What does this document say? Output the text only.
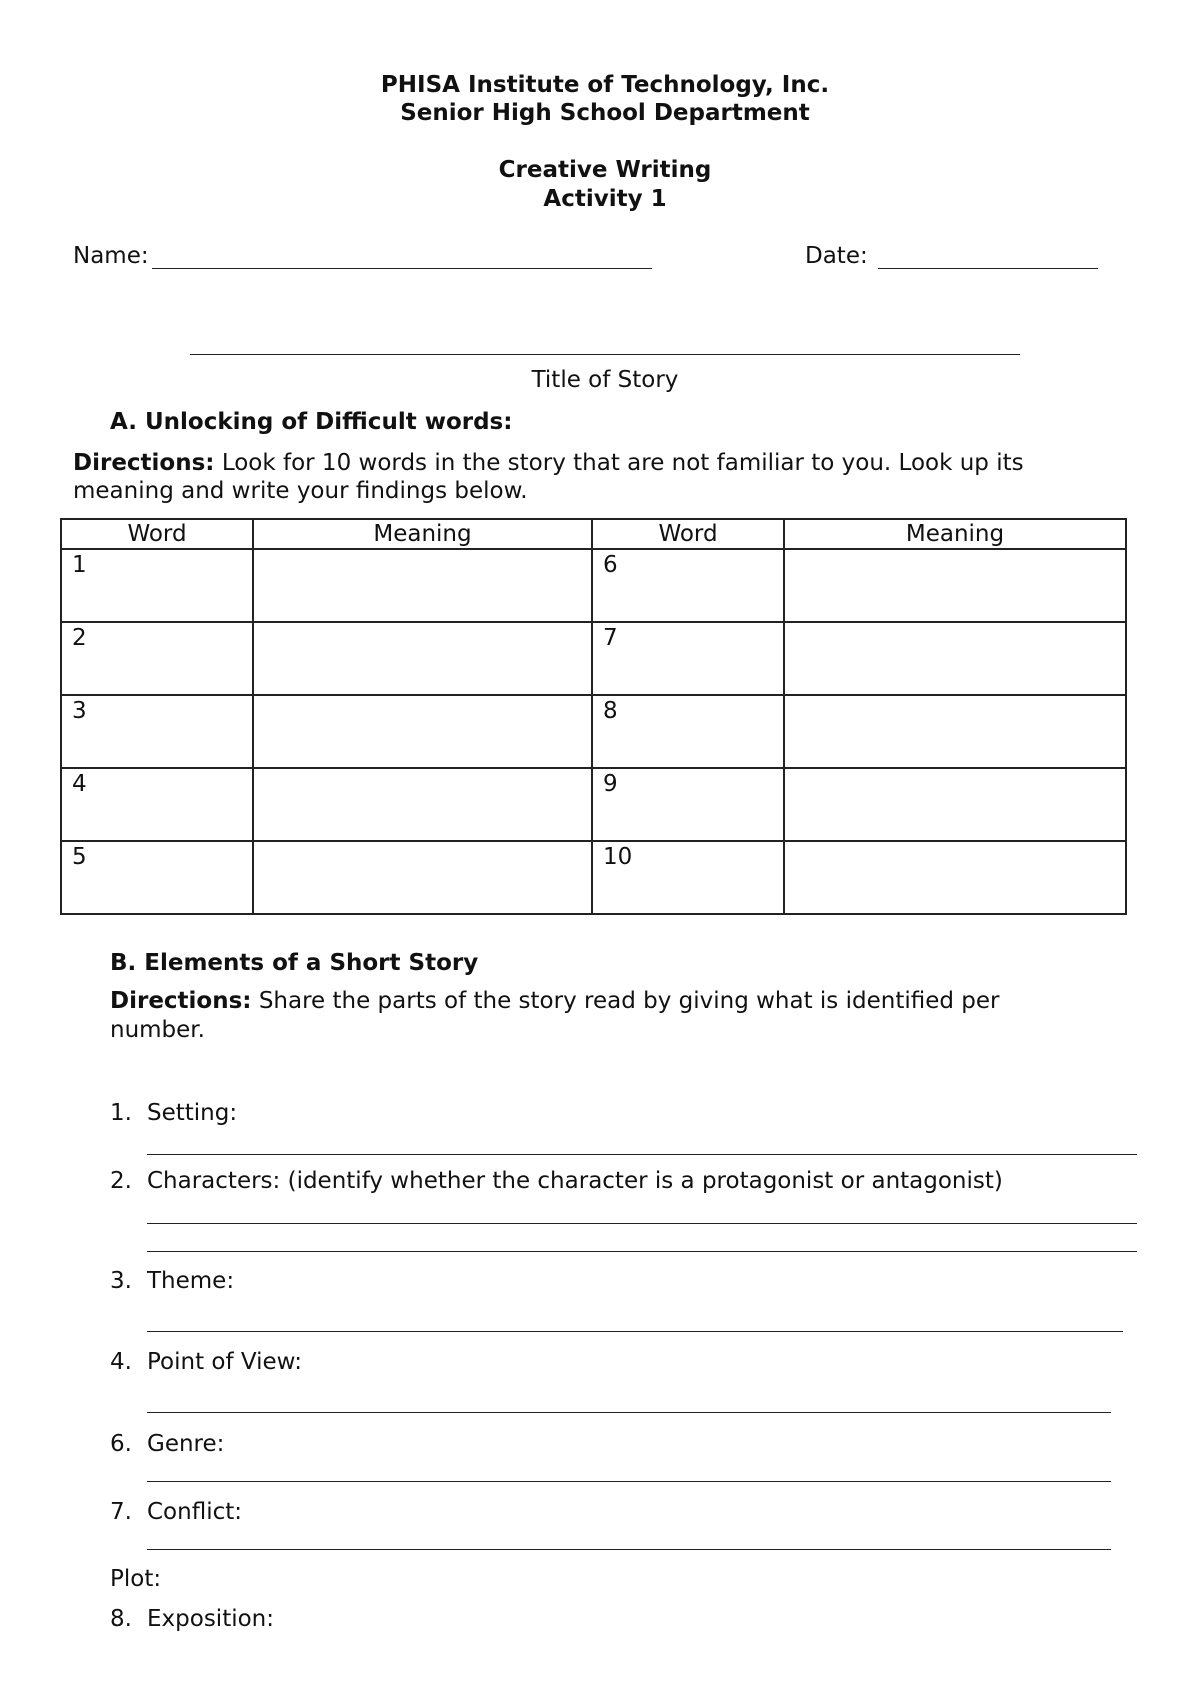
PHISA Institute of Technology, Inc.
Senior High School Department
Creative Writing
Activity 1
Name:	Date:
Title of Story
A. Unlocking of Difficult words:
Directions: Look for 10 words in the story that are not familiar to you. Look up its
meaning and write your findings below.
Word	Meaning	Word	Meaning
1		6	
2		7	
3		8	
4		9	
5		10	
B. Elements of a Short Story
Directions: Share the parts of the story read by giving what is identified per
number.
1. Setting:
2. Characters: (identify whether the character is a protagonist or antagonist)
3. Theme:
4. Point of View:
6. Genre:
7. Conflict:
Plot:
8. Exposition:
